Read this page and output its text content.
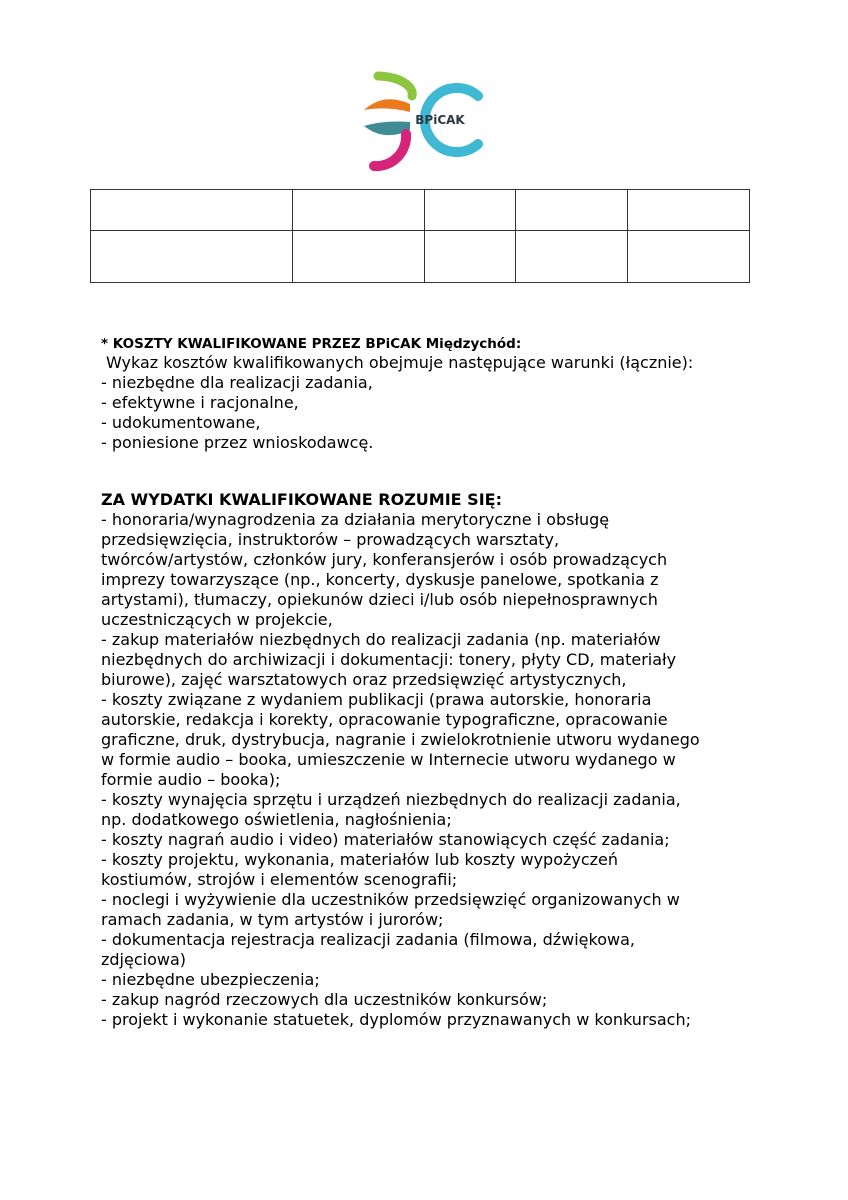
BPiCAK

* KOSZTY KWALIFIKOWANE PRZEZ BPiCAK Międzychód:

Wykaz kosztów kwalifikowanych obejmuje następujące warunki (łącznie):

- niezbędne dla realizacji zadania,

- efektywne i racjonalne,

- udokumentowane,

- poniesione przez wnioskodawcę.

ZA WYDATKI KWALIFIKOWANE ROZUMIE SIĘ:

- honoraria/wynagrodzenia za działania merytoryczne i obsługę
przedsięwzięcia, instruktorów – prowadzących warsztaty,
twórców/artystów, członków jury, konferansjerów i osób prowadzących
imprezy towarzyszące (np., koncerty, dyskusje panelowe, spotkania z
artystami), tłumaczy, opiekunów dzieci i/lub osób niepełnosprawnych
uczestniczących w projekcie,

- zakup materiałów niezbędnych do realizacji zadania (np. materiałów
niezbędnych do archiwizacji i dokumentacji: tonery, płyty CD, materiały
biurowe), zajęć warsztatowych oraz przedsięwzięć artystycznych,

- koszty związane z wydaniem publikacji (prawa autorskie, honoraria
autorskie, redakcja i korekty, opracowanie typograficzne, opracowanie
graficzne, druk, dystrybucja, nagranie i zwielokrotnienie utworu wydanego
w formie audio – booka, umieszczenie w Internecie utworu wydanego w
formie audio – booka);

- koszty wynajęcia sprzętu i urządzeń niezbędnych do realizacji zadania,
np. dodatkowego oświetlenia, nagłośnienia;

- koszty nagrań audio i video) materiałów stanowiących część zadania;

- koszty projektu, wykonania, materiałów lub koszty wypożyczeń
kostiumów, strojów i elementów scenografii;

- noclegi i wyżywienie dla uczestników przedsięwzięć organizowanych w
ramach zadania, w tym artystów i jurorów;

- dokumentacja rejestracja realizacji zadania (filmowa, dźwiękowa,
zdjęciowa)

- niezbędne ubezpieczenia;

- zakup nagród rzeczowych dla uczestników konkursów;

- projekt i wykonanie statuetek, dyplomów przyznawanych w konkursach;
